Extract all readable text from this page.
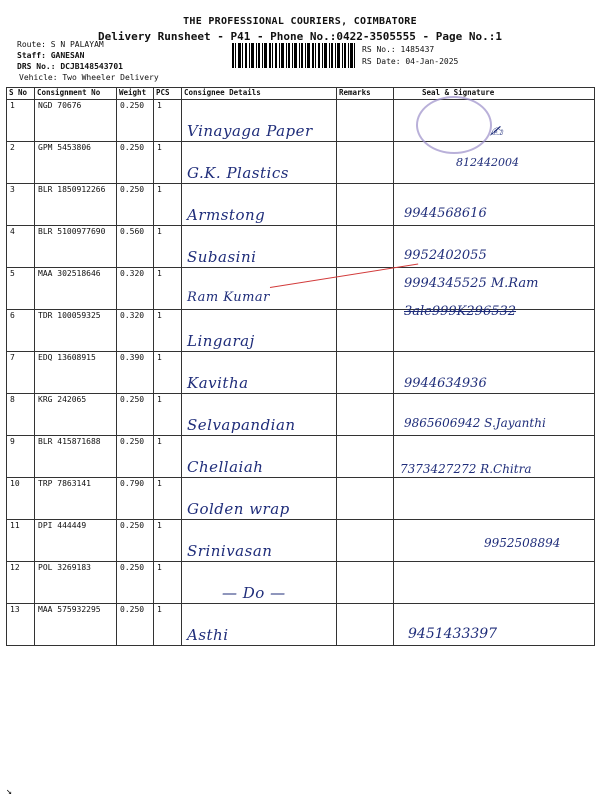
THE PROFESSIONAL COURIERS, COIMBATORE
Delivery Runsheet - P41 - Phone No.:0422-3505555 - Page No.:1
Route: S N PALAYAM
Staff: GANESAN
DRS No.: DCJB148543701
Vehicle: Two Wheeler Delivery
RS No.: 1485437
RS Date: 04-Jan-2025
S No	Consignment No	Weight	PCS	Consignee Details	Remarks	Seal & Signature
1	NGD 70676	0.250	1	Vinayaga Paper		✍︎

2	GPM 5453806	0.250	1	G.K. Plastics		812442004

3	BLR 1850912266	0.250	1	Armstong		9944568616

4	BLR 5100977690	0.560	1	Subasini		9952402055

5	MAA 302518646	0.320	1	Ram Kumar		9994345525 M.Ram

6	TDR 100059325	0.320	1	Lingaraj		3ale999K296532

7	EDQ 13608915	0.390	1	Kavitha		9944634936

8	KRG 242065	0.250	1	Selvapandian		9865606942 S.Jayanthi

9	BLR 415871688	0.250	1	Chellaiah		7373427272 R.Chitra

10	TRP 7863141	0.790	1	Golden wrap		

11	DPI 444449	0.250	1	Srinivasan		9952508894

12	POL 3269183	0.250	1	— Do —		

13	MAA 575932295	0.250	1	Asthi		9451433397
↘
